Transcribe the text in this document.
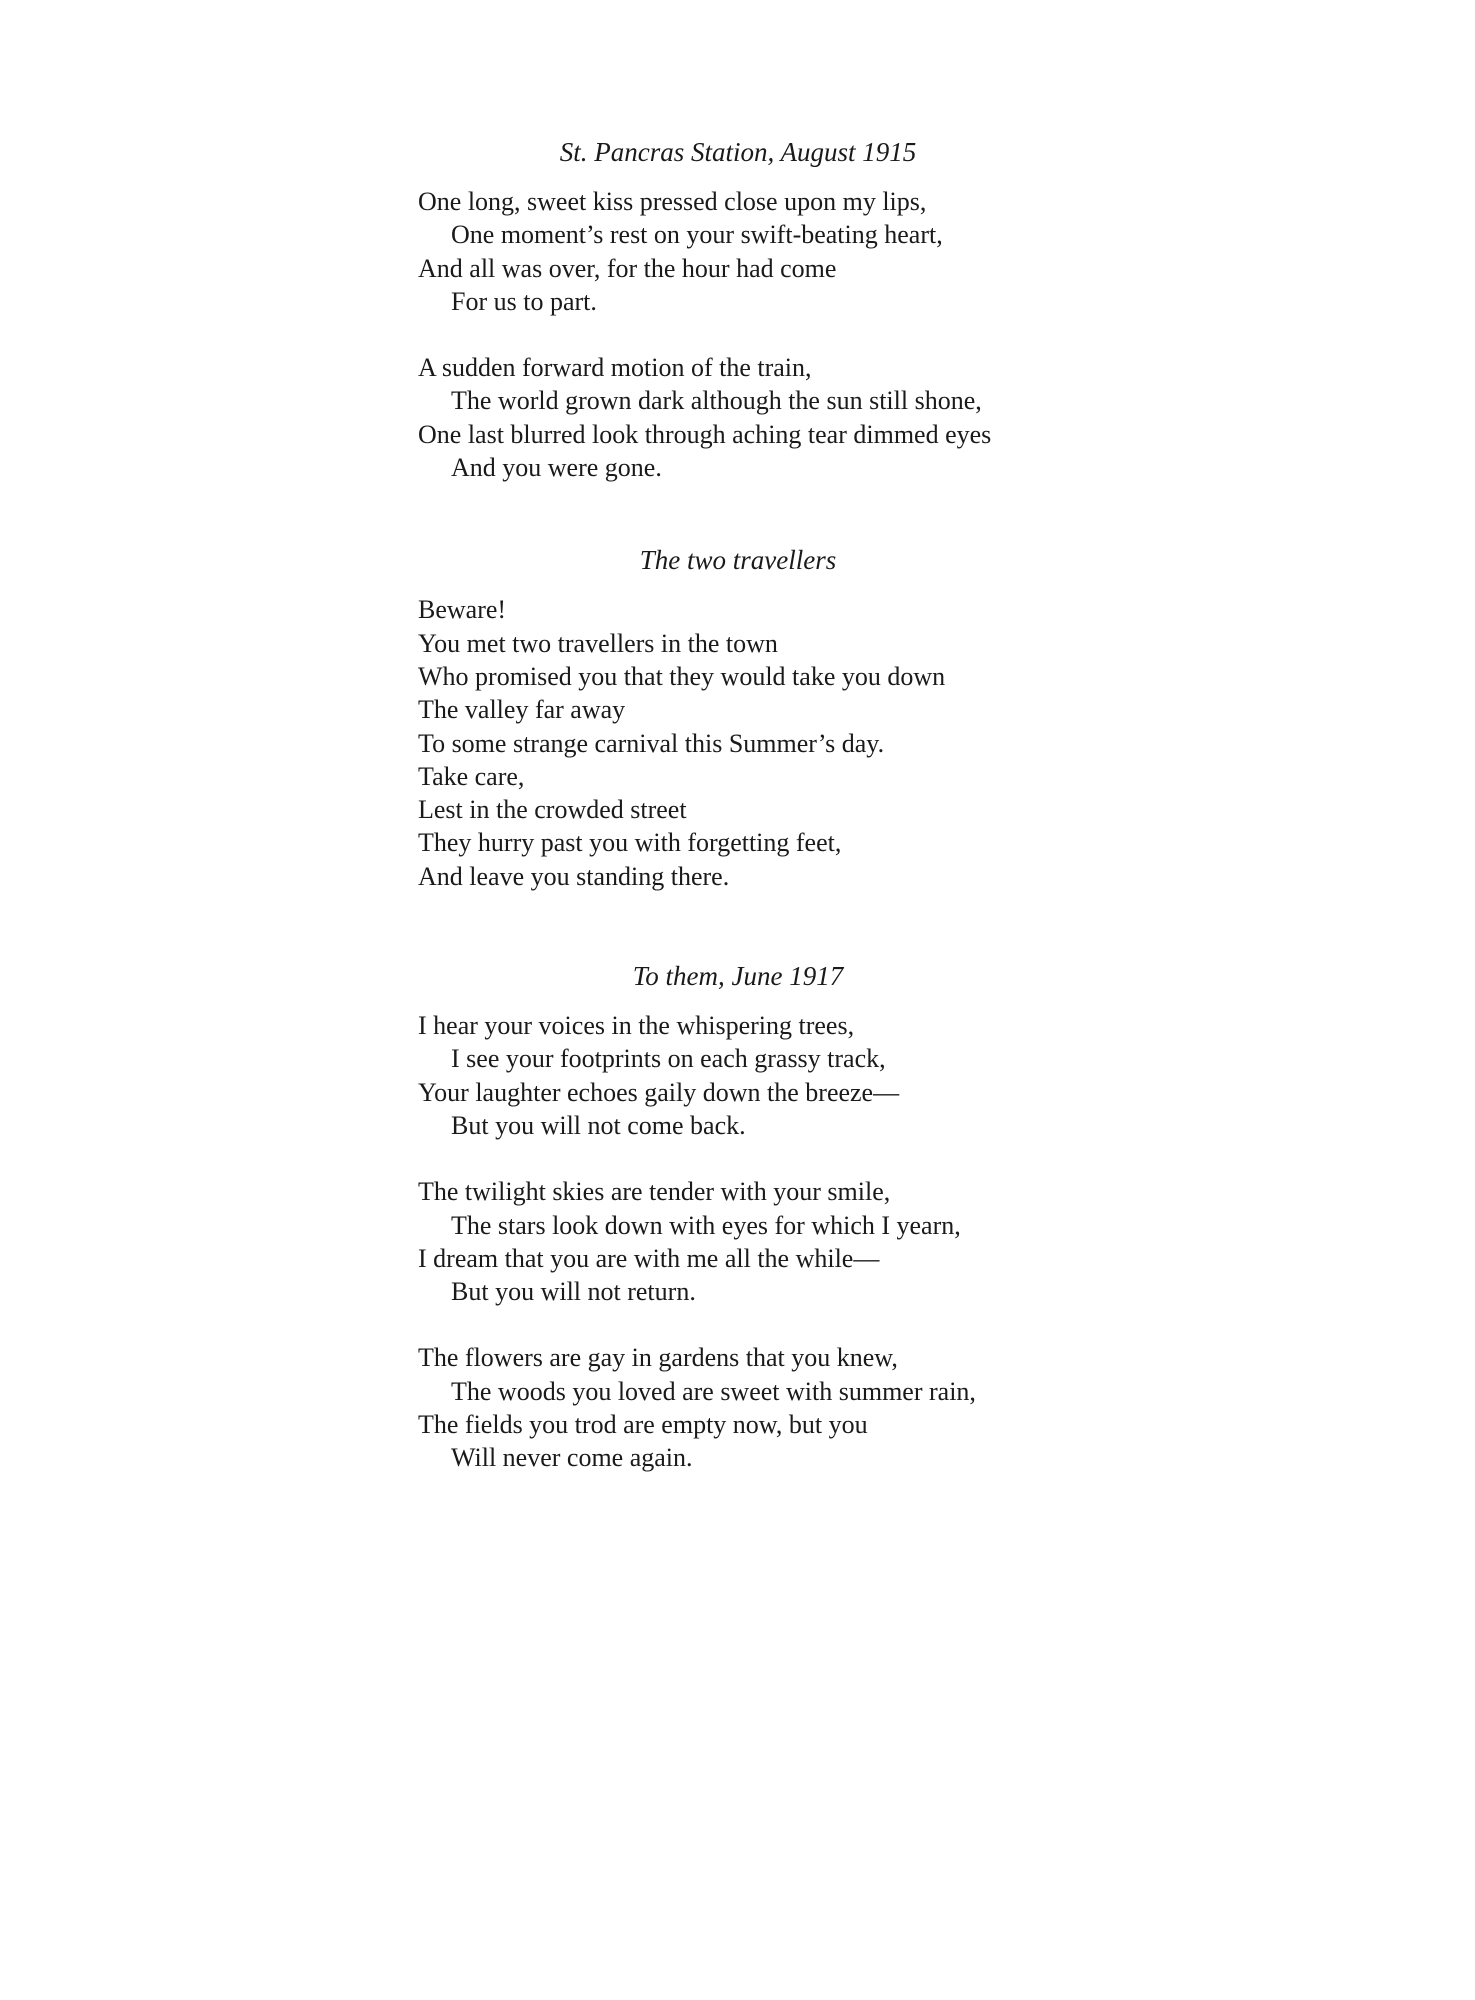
St. Pancras Station, August 1915
One long, sweet kiss pressed close upon my lips,
One moment’s rest on your swift-beating heart,
And all was over, for the hour had come
For us to part.
A sudden forward motion of the train,
The world grown dark although the sun still shone,
One last blurred look through aching tear dimmed eyes
And you were gone.
The two travellers
Beware!
You met two travellers in the town
Who promised you that they would take you down
The valley far away
To some strange carnival this Summer’s day.
Take care,
Lest in the crowded street
They hurry past you with forgetting feet,
And leave you standing there.
To them, June 1917
I hear your voices in the whispering trees,
I see your footprints on each grassy track,
Your laughter echoes gaily down the breeze—
But you will not come back.
The twilight skies are tender with your smile,
The stars look down with eyes for which I yearn,
I dream that you are with me all the while—
But you will not return.
The flowers are gay in gardens that you knew,
The woods you loved are sweet with summer rain,
The fields you trod are empty now, but you
Will never come again.
